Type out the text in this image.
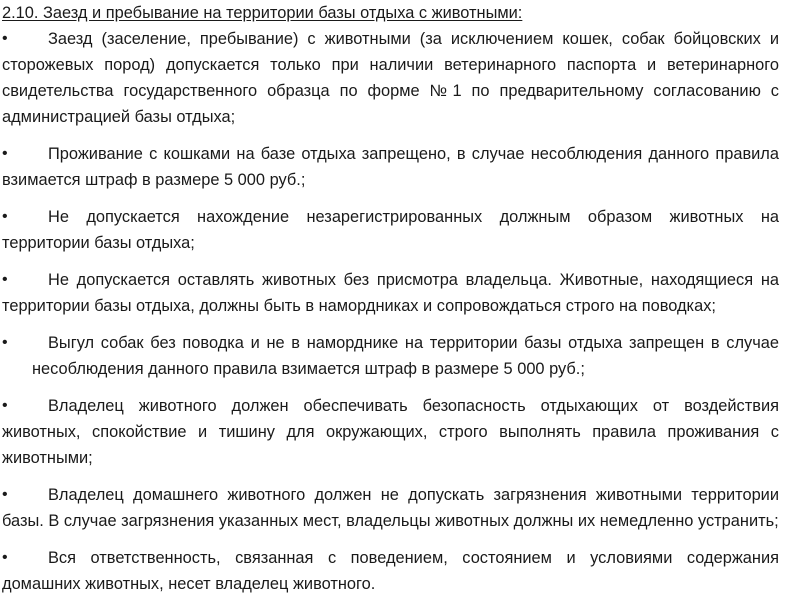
2.10. Заезд и пребывание на территории базы отдыха с животными:

• Заезд (заселение, пребывание) с животными (за исключением кошек, собак бойцовских и сторожевых пород) допускается только при наличии ветеринарного паспорта и ветеринарного свидетельства государственного образца по форме №1 по предварительному согласованию с администрацией базы отдыха;
• Проживание с кошками на базе отдыха запрещено, в случае несоблюдения данного правила взимается штраф в размере 5 000 руб.;
• Не допускается нахождение незарегистрированных должным образом животных на территории базы отдыха;
• Не допускается оставлять животных без присмотра владельца. Животные, находящиеся на территории базы отдыха, должны быть в намордниках и сопровождаться строго на поводках;
• Выгул собак без поводка и не в наморднике на территории базы отдыха запрещен в случае несоблюдения данного правила взимается штраф в размере 5 000 руб.;
• Владелец животного должен обеспечивать безопасность отдыхающих от воздействия животных, спокойствие и тишину для окружающих, строго выполнять правила проживания с животными;
• Владелец домашнего животного должен не допускать загрязнения животными территории базы. В случае загрязнения указанных мест, владельцы животных должны их немедленно устранить;
• Вся ответственность, связанная с поведением, состоянием и условиями содержания домашних животных, несет владелец животного.
